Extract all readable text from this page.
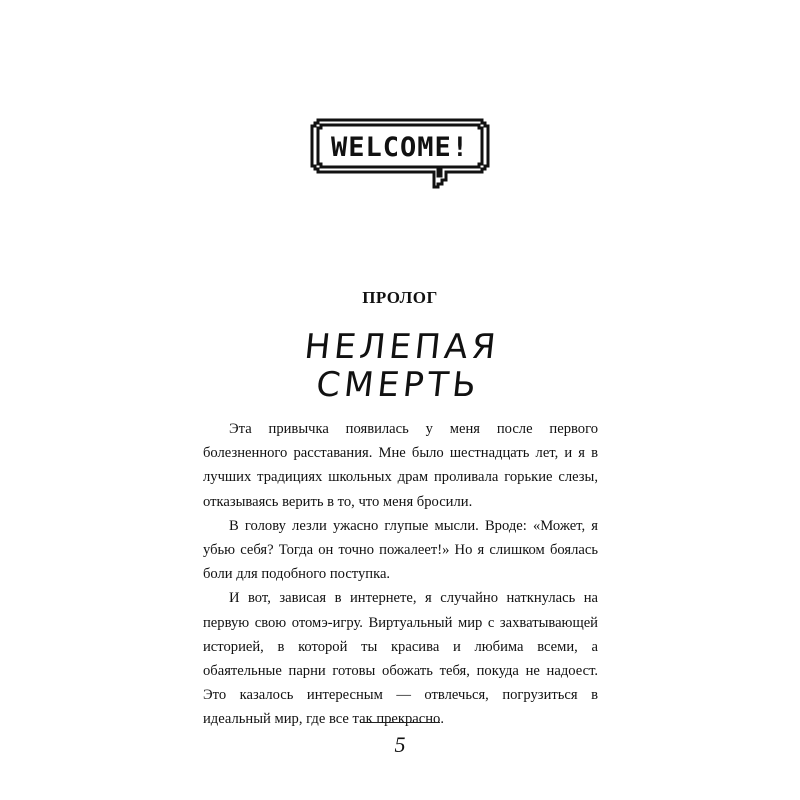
WELCOME!
ПРОЛОГ
НЕЛЕПАЯ
СМЕРТЬ

Эта привычка появилась у меня после первого болезненного расставания. Мне было шестнадцать лет, и я в лучших традициях школьных драм проливала горькие слезы, отказываясь верить в то, что меня бросили.

В голову лезли ужасно глупые мысли. Вроде: «Может, я убью себя? Тогда он точно пожалеет!» Но я слишком боялась боли для подобного поступка.

И вот, зависая в интернете, я случайно наткнулась на первую свою отомэ-игру. Виртуальный мир с захватывающей историей, в которой ты красива и любима всеми, а обаятельные парни готовы обожать тебя, покуда не надоест. Это казалось интересным — отвлечься, погрузиться в идеальный мир, где все так прекрасно.

5
